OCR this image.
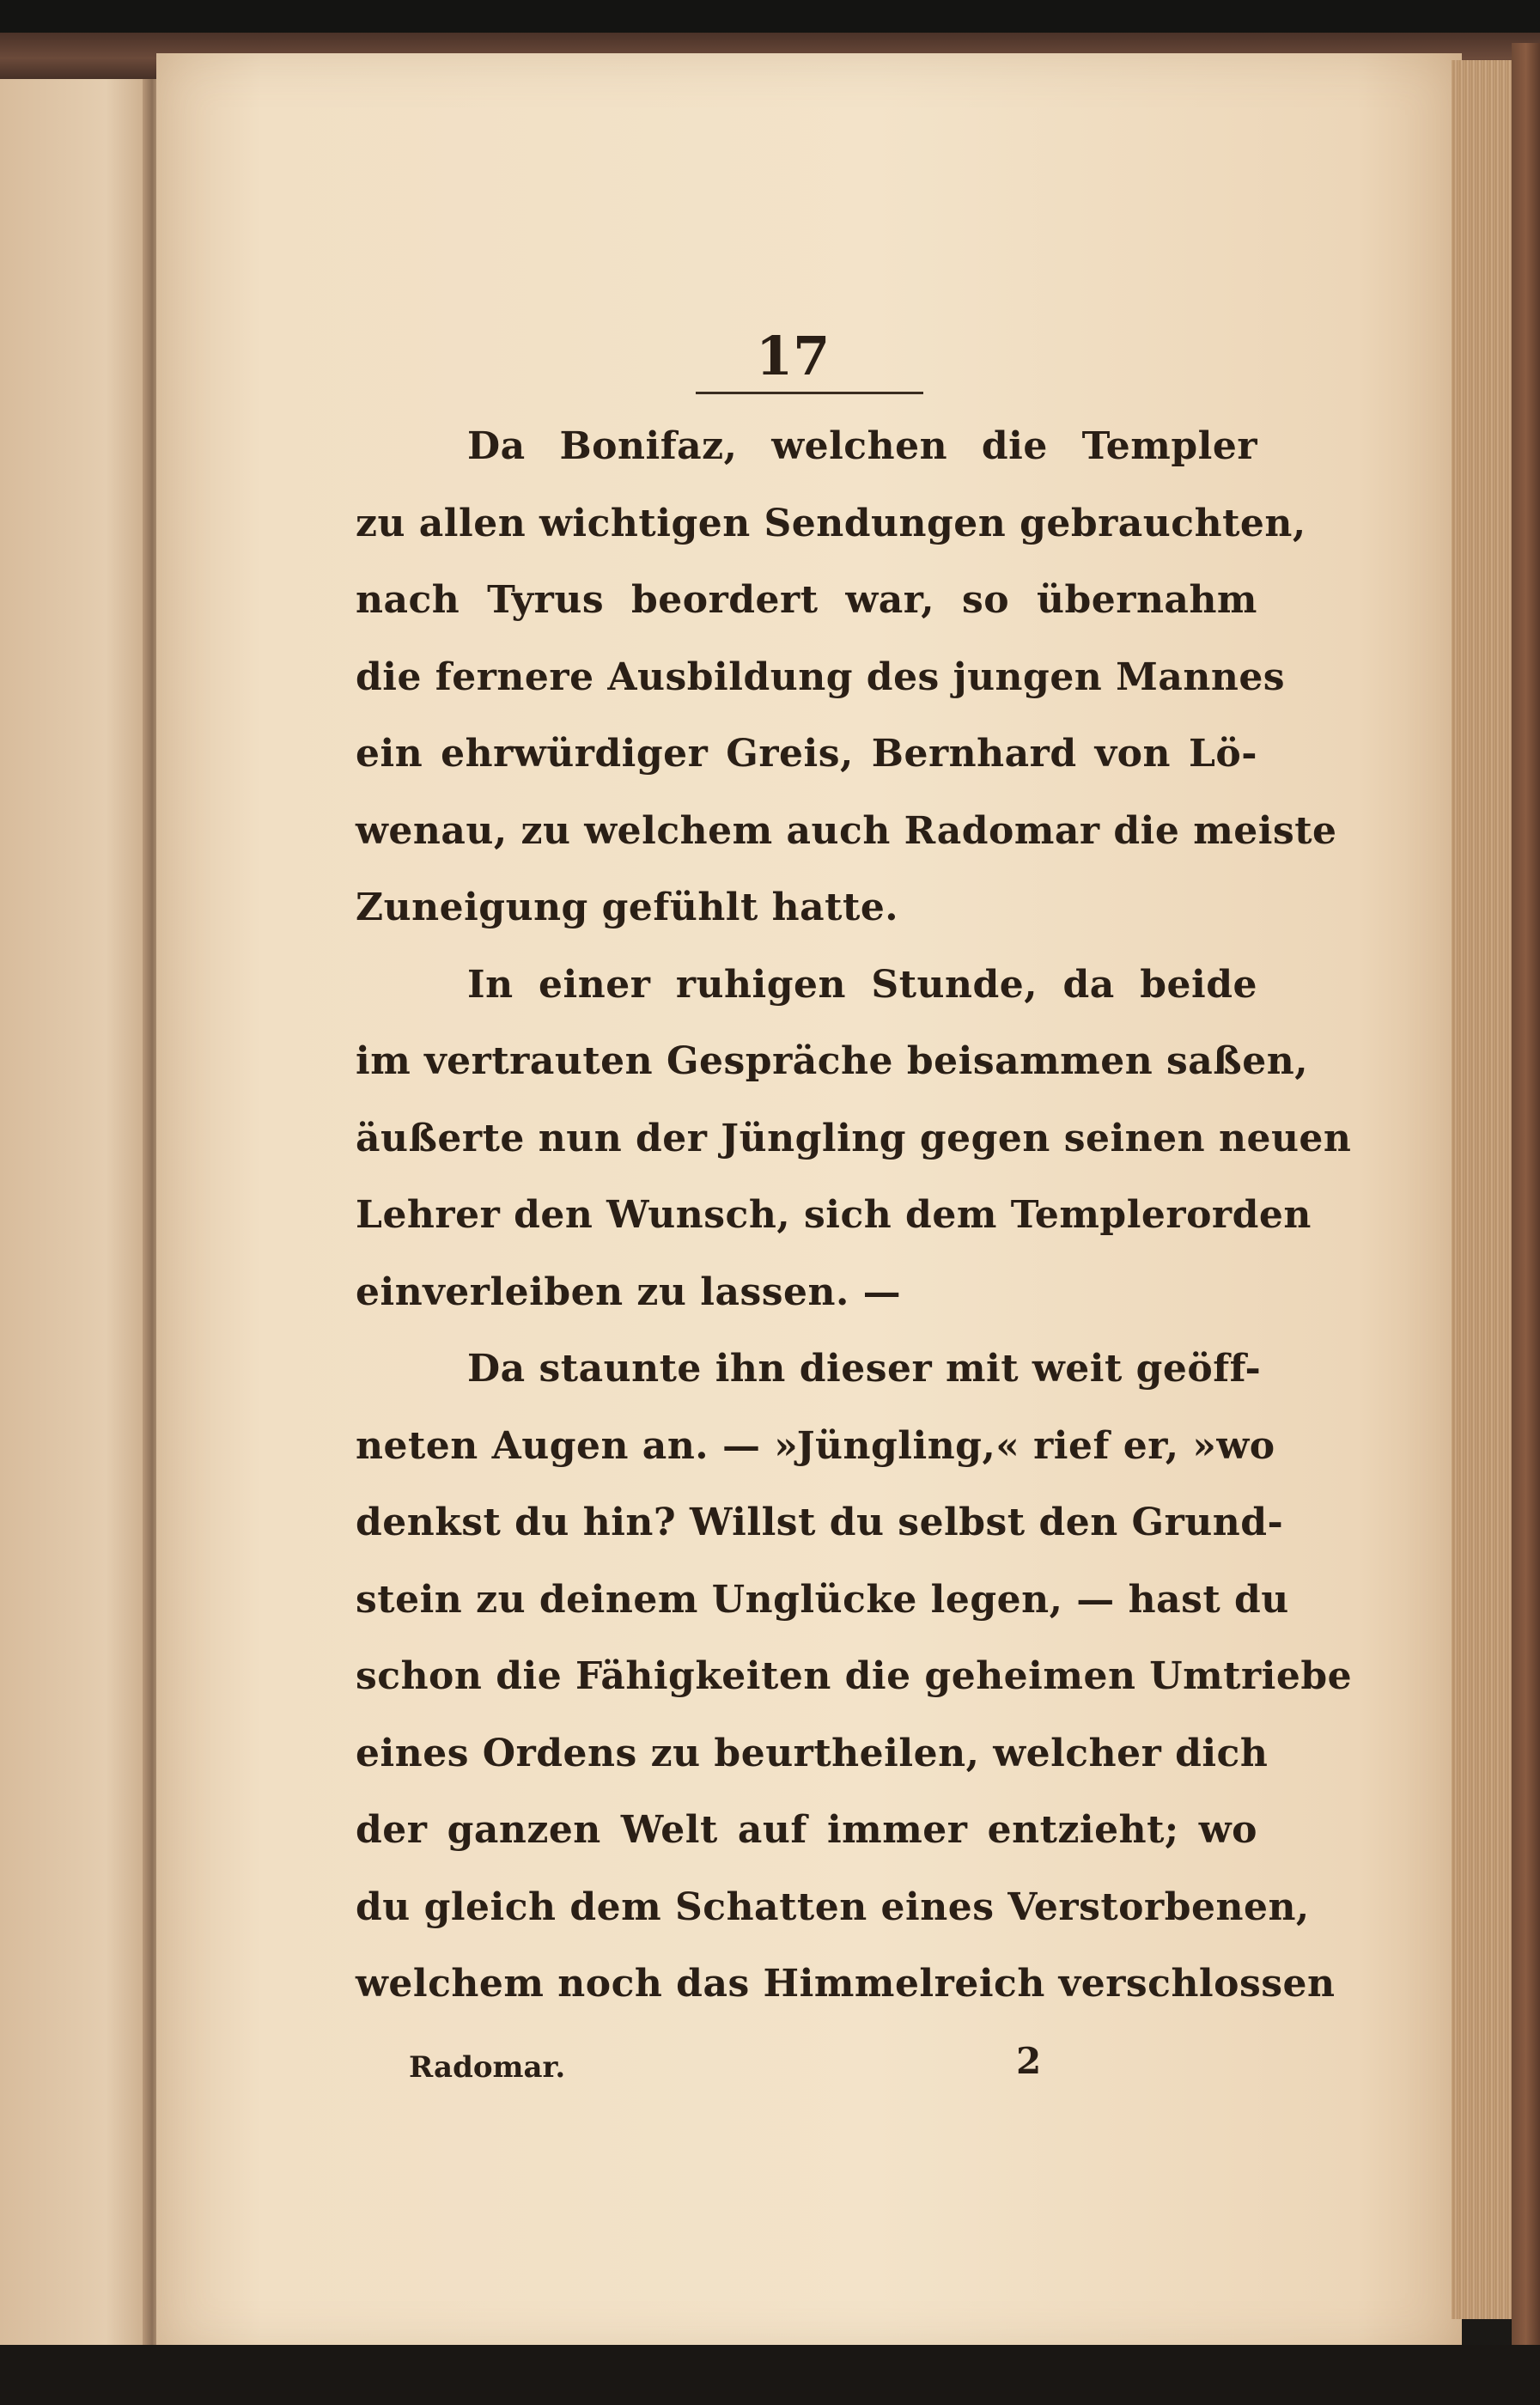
17
Da Bonifaz, welchen die Templer
zu allen wichtigen Sendungen gebrauchten,
nach Tyrus beordert war, so übernahm
die fernere Ausbildung des jungen Mannes
ein ehrwürdiger Greis, Bernhard von Lö-
wenau, zu welchem auch Radomar die meiste
Zuneigung gefühlt hatte.
In einer ruhigen Stunde, da beide
im vertrauten Gespräche beisammen saßen,
äußerte nun der Jüngling gegen seinen neuen
Lehrer den Wunsch, sich dem Templerorden
einverleiben zu lassen. —
Da staunte ihn dieser mit weit geöff-
neten Augen an. — »Jüngling,« rief er, »wo
denkst du hin? Willst du selbst den Grund-
stein zu deinem Unglücke legen, — hast du
schon die Fähigkeiten die geheimen Umtriebe
eines Ordens zu beurtheilen, welcher dich
der ganzen Welt auf immer entzieht; wo
du gleich dem Schatten eines Verstorbenen,
welchem noch das Himmelreich verschlossen
Radomar.	2
